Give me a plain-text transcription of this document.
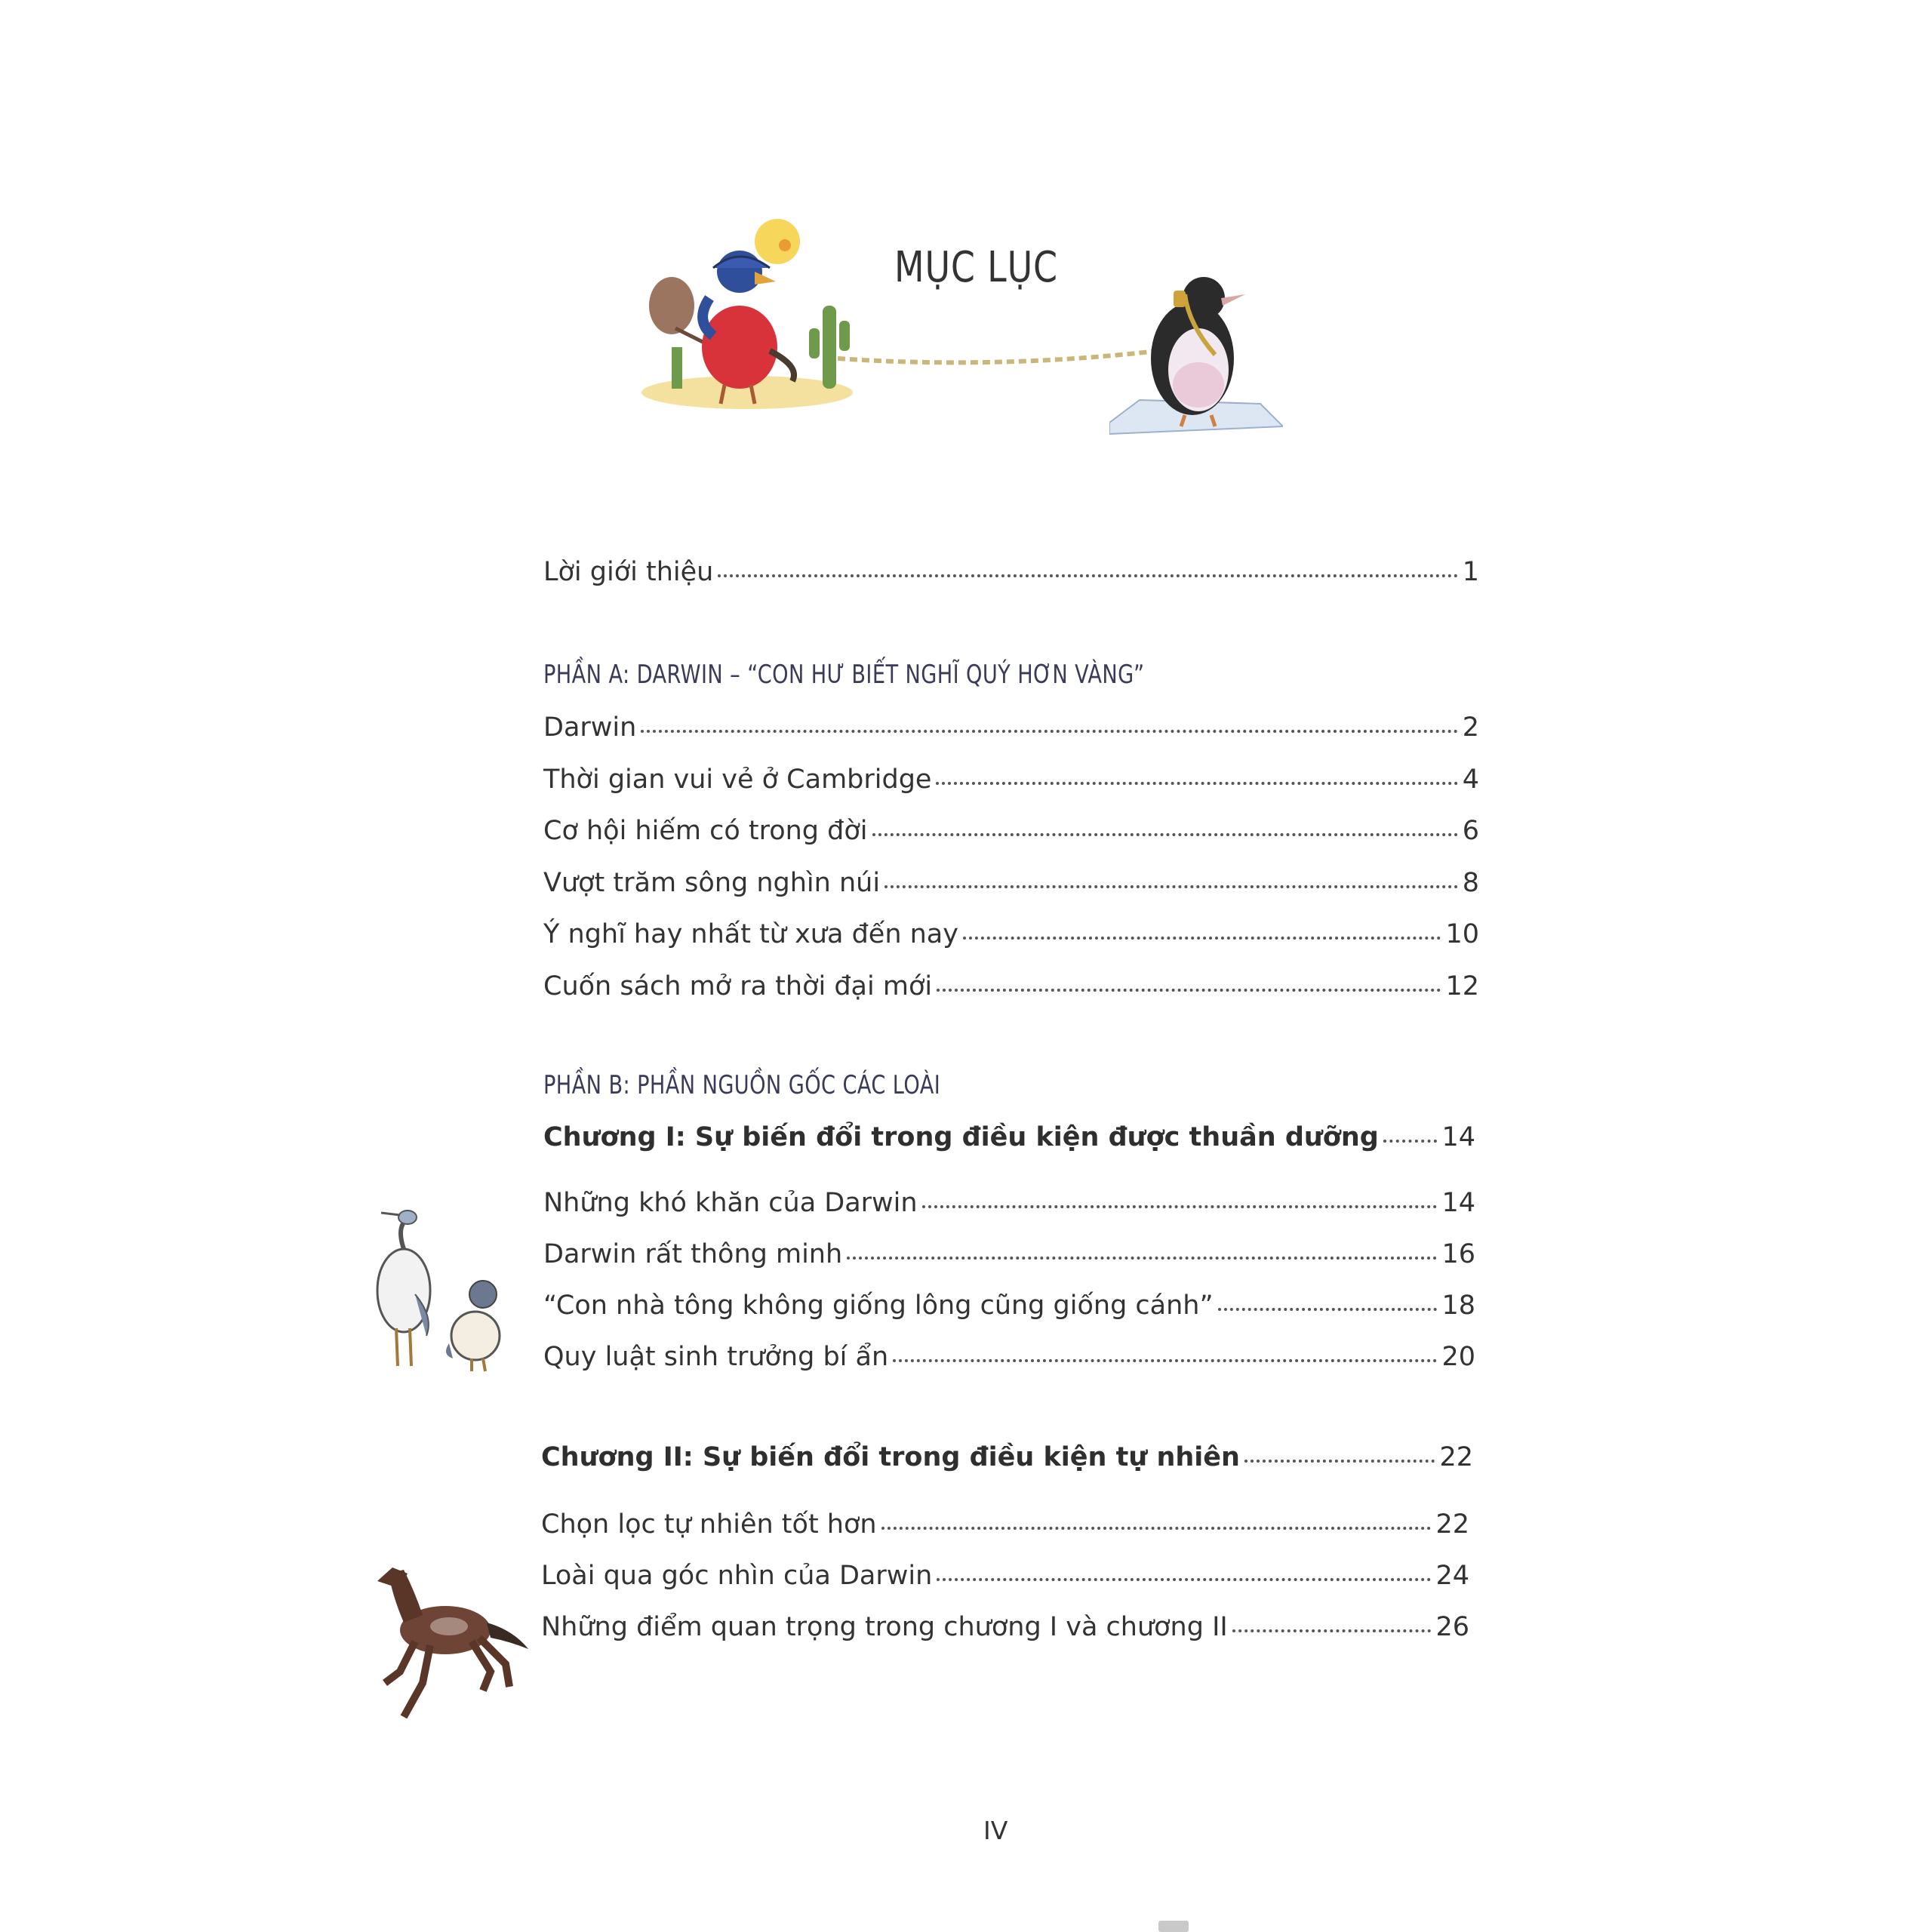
MỤC LỤC
Lời giới thiệu	1
PHẦN A: DARWIN – “CON HƯ BIẾT NGHĨ QUÝ HƠN VÀNG”
Darwin	2
Thời gian vui vẻ ở Cambridge	4
Cơ hội hiếm có trong đời	6
Vượt trăm sông nghìn núi	8
Ý nghĩ hay nhất từ xưa đến nay	10
Cuốn sách mở ra thời đại mới	12
PHẦN B: PHẦN NGUỒN GỐC CÁC LOÀI
Chương I: Sự biến đổi trong điều kiện được thuần dưỡng 14
Những khó khăn của Darwin	14
Darwin rất thông minh	16
“Con nhà tông không giống lông cũng giống cánh”	18
Quy luật sinh trưởng bí ẩn	20
Chương II: Sự biến đổi trong điều kiện tự nhiên	22
Chọn lọc tự nhiên tốt hơn	22
Loài qua góc nhìn của Darwin	24
Những điểm quan trọng trong chương I và chương II	26
IV
